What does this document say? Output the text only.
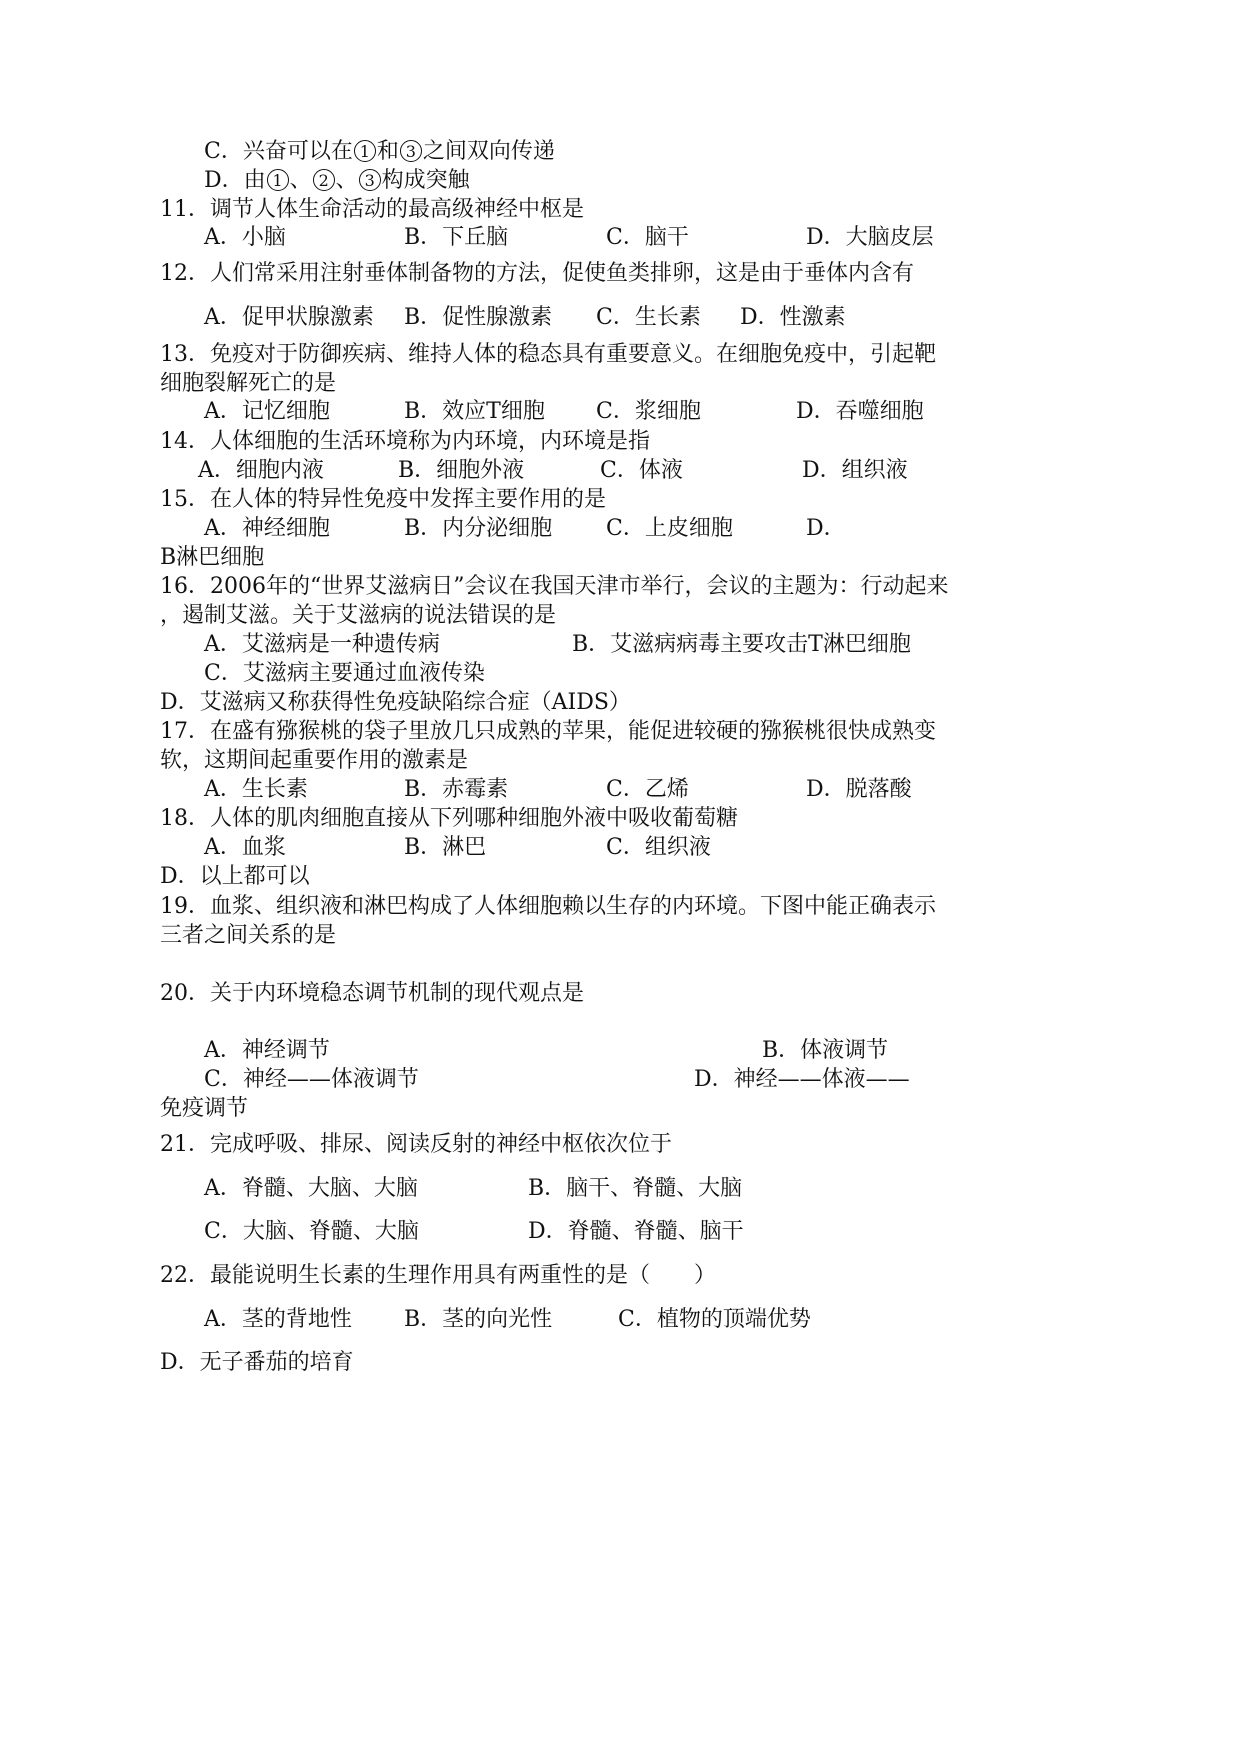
C．兴奋可以在 1 和 3 之间双向传递
D．由 1 、 2 、 3 构成突触
11．调节人体生命活动的最高级神经中枢是
A．小脑	B．下丘脑	C．脑干	D．大脑皮层
12．人们常采用注射垂体制备物的方法，促使鱼类排卵，这是由于垂体内含有
A．促甲状腺激素 B．促性腺激素 C．生长素 D．性激素
13．免疫对于防御疾病、维持人体的稳态具有重要意义。在细胞免疫中，引起靶
细胞裂解死亡的是
A．记忆细胞	B．效应T细胞 C．浆细胞	D．吞噬细胞
14．人体细胞的生活环境称为内环境，内环境是指
A．细胞内液	B．细胞外液	C．体液	D．组织液
15．在人体的特异性免疫中发挥主要作用的是
A．神经细胞	B．内分泌细胞 C．上皮细胞	D．
B淋巴细胞
16．2006年的“世界艾滋病日”会议在我国天津市举行，会议的主题为：行动起来
，遏制艾滋。关于艾滋病的说法错误的是
A．艾滋病是一种遗传病	B．艾滋病病毒主要攻击T淋巴细胞
C．艾滋病主要通过血液传染
D．艾滋病又称获得性免疫缺陷综合症（AIDS）
17．在盛有猕猴桃的袋子里放几只成熟的苹果，能促进较硬的猕猴桃很快成熟变
软，这期间起重要作用的激素是
A．生长素	B．赤霉素	C．乙烯	D．脱落酸
18．人体的肌肉细胞直接从下列哪种细胞外液中吸收葡萄糖
A．血浆	B．淋巴	C．组织液
D．以上都可以
19．血浆、组织液和淋巴构成了人体细胞赖以生存的内环境。下图中能正确表示
三者之间关系的是
20．关于内环境稳态调节机制的现代观点是
A．神经调节	B．体液调节
C．神经——体液调节	D．神经——体液——
免疫调节
21．完成呼吸、排尿、阅读反射的神经中枢依次位于
A．脊髓、大脑、大脑	B．脑干、脊髓、大脑
C．大脑、脊髓、大脑	D．脊髓、脊髓、脑干
22．最能说明生长素的生理作用具有两重性的是（　　）
A．茎的背地性 B．茎的向光性	C．植物的顶端优势
D．无子番茄的培育
